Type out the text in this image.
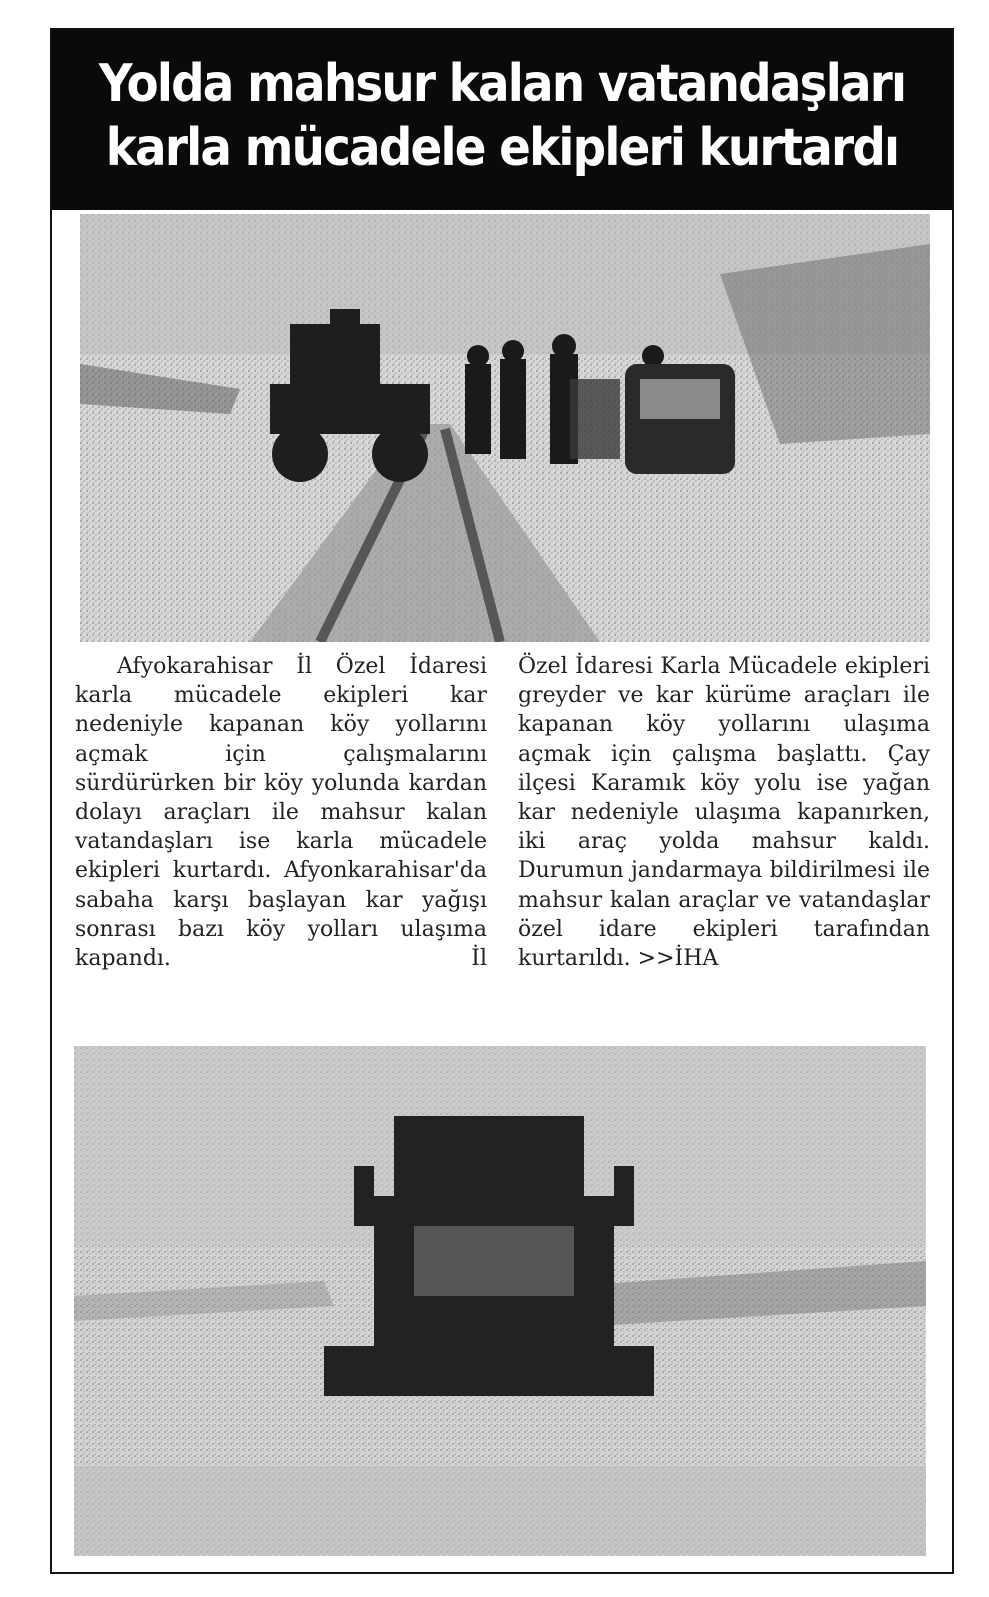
Yolda mahsur kalan vatandaşları
karla mücadele ekipleri kurtardı
Afyokarahisar İl Özel İdaresi karla mücadele ekipleri kar nedeniyle kapanan köy yollarını açmak için çalışmalarını sürdürürken bir köy yolunda kardan dolayı araçları ile mahsur kalan vatandaşları ise karla mücadele ekipleri kurtardı. Afyonkarahisar'da sabaha karşı başlayan kar yağışı sonrası bazı köy yolları ulaşıma kapandı. İl
Özel İdaresi Karla Mücadele ekipleri greyder ve kar kürüme araçları ile kapanan köy yollarını ulaşıma açmak için çalışma başlattı. Çay ilçesi Karamık köy yolu ise yağan kar nedeniyle ulaşıma kapanırken, iki araç yolda mahsur kaldı. Durumun jandarmaya bildirilmesi ile mahsur kalan araçlar ve vatandaşlar özel idare ekipleri tarafından kurtarıldı. >>İHA
